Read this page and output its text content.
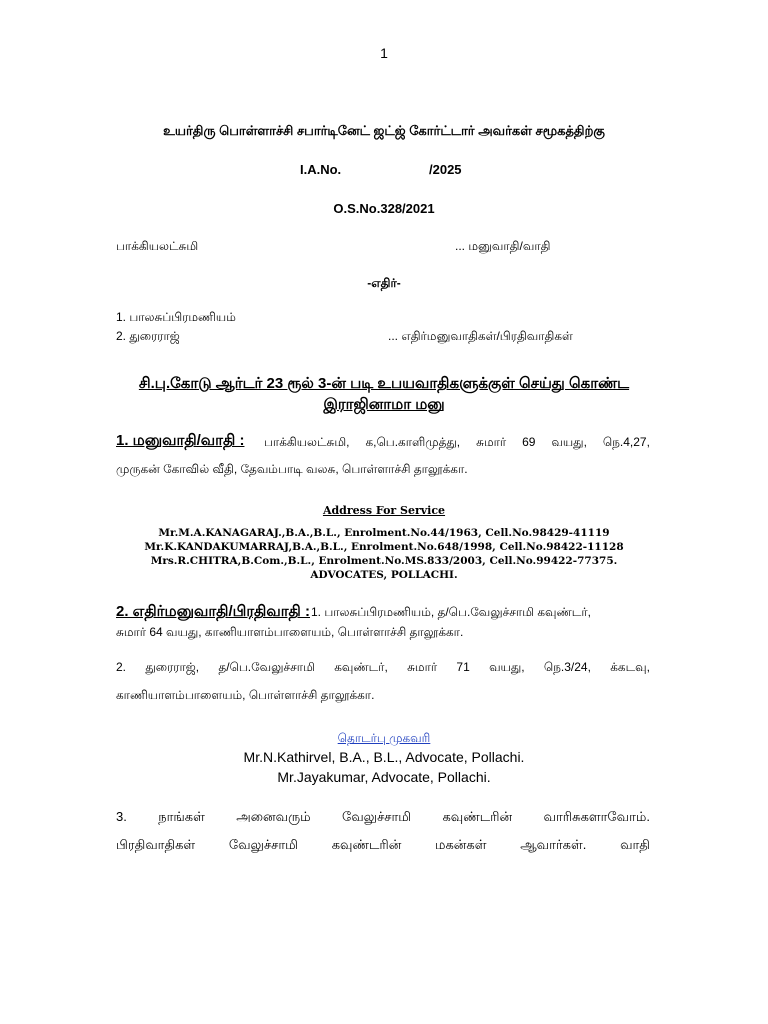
1
உயர்திரு பொள்ளாச்சி சபார்டினேட் ஜட்ஜ் கோர்ட்டார் அவர்கள் சமூகத்திற்கு
I.A.No.	/2025
O.S.No.328/2021
பாக்கியலட்சுமி	... மனுவாதி/வாதி
-எதிர்-
1. பாலசுப்பிரமணியம்
2. துரைராஜ்	... எதிர்மனுவாதிகள்/பிரதிவாதிகள்
சி.பு.கோடு ஆர்டர் 23 ரூல் 3-ன் படி உபயவாதிகளுக்குள் செய்து கொண்ட
இராஜினாமா மனு
1. மனுவாதி/வாதி : பாக்கியலட்சுமி, க,பெ.காளிமுத்து, சுமார் 69 வயது, நெ.4,27,
முருகன் கோவில் வீதி, தேவம்பாடி வலசு, பொள்ளாச்சி தாலூக்கா.
Address For Service
Mr.M.A.KANAGARAJ.,B.A.,B.L., Enrolment.No.44/1963, Cell.No.98429-41119
Mr.K.KANDAKUMARRAJ,B.A.,B.L., Enrolment.No.648/1998, Cell.No.98422-11128
Mrs.R.CHITRA,B.Com.,B.L., Enrolment.No.MS.833/2003, Cell.No.99422-77375.
ADVOCATES, POLLACHI.
2. எதிர்மனுவாதி/பிரதிவாதி : 1. பாலசுப்பிரமணியம், த/பெ.வேலுச்சாமி கவுண்டர்,
சுமார் 64 வயது, காணியாளம்பாளையம், பொள்ளாச்சி தாலூக்கா.
2. துரைராஜ், த/பெ.வேலுச்சாமி கவுண்டர், சுமார் 71 வயது, நெ.3/24, க்கடவு,
காணியாளம்பாளையம், பொள்ளாச்சி தாலூக்கா.
தொடர்பு முகவரி
Mr.N.Kathirvel, B.A., B.L., Advocate, Pollachi.
Mr.Jayakumar, Advocate, Pollachi.
3. நாங்கள் அனைவரும் வேலுச்சாமி கவுண்டரின் வாரிசுகளாவோம்.
பிரதிவாதிகள்	வேலுச்சாமி	கவுண்டரின்	மகன்கள்	ஆவார்கள்.	வாதி
